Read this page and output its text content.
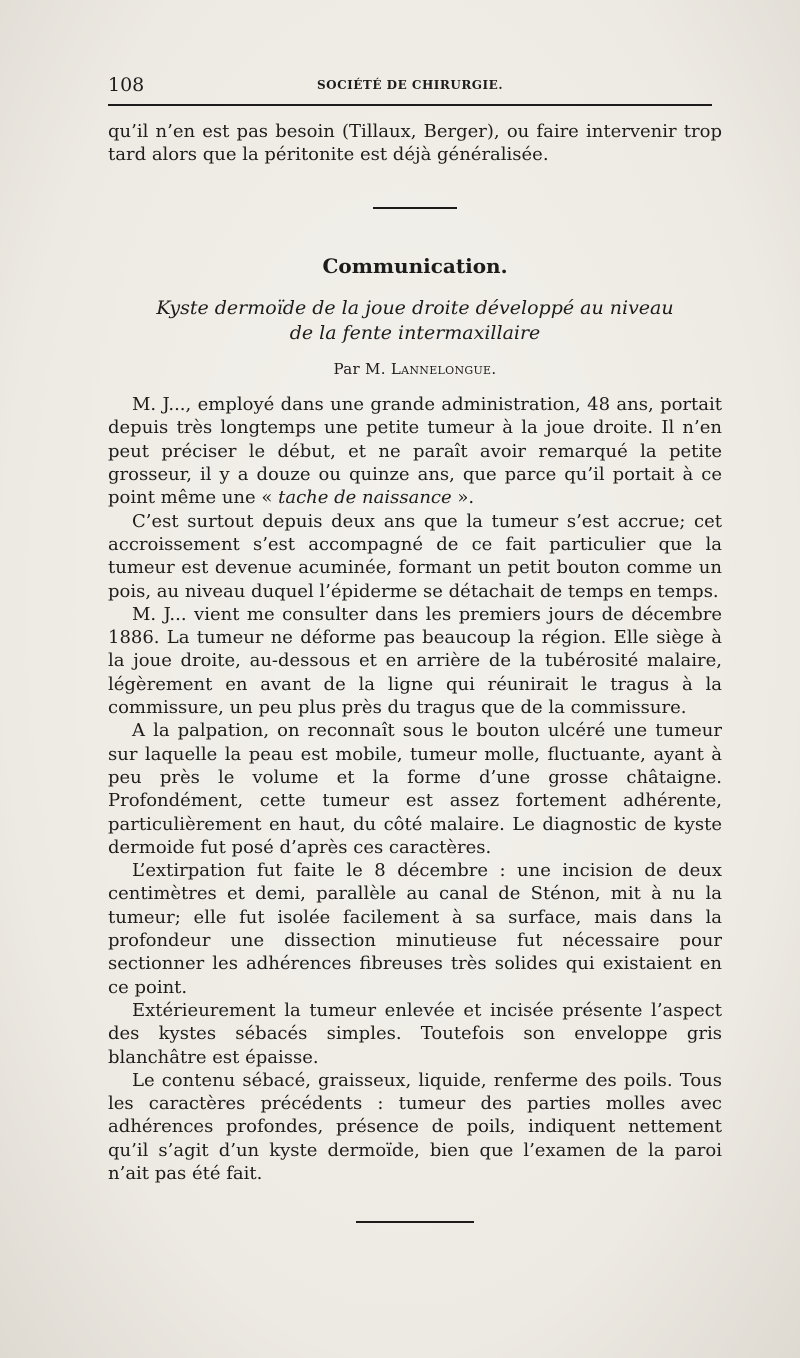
108	SOCIÉTÉ DE CHIRURGIE.

qu’il n’en est pas besoin (Tillaux, Berger), ou faire intervenir trop tard alors que la péritonite est déjà généralisée.

Communication.
Kyste dermoïde de la joue droite développé au niveau
de la fente intermaxillaire
Par M. Lannelongue.

M. J..., employé dans une grande administration, 48 ans, portait depuis très longtemps une petite tumeur à la joue droite. Il n’en peut préciser le début, et ne paraît avoir remarqué la petite grosseur, il y a douze ou quinze ans, que parce qu’il portait à ce point même une « tache de naissance ».

C’est surtout depuis deux ans que la tumeur s’est accrue; cet accroissement s’est accompagné de ce fait particulier que la tumeur est devenue acuminée, formant un petit bouton comme un pois, au niveau duquel l’épiderme se détachait de temps en temps.

M. J... vient me consulter dans les premiers jours de décembre 1886. La tumeur ne déforme pas beaucoup la région. Elle siège à la joue droite, au-dessous et en arrière de la tubérosité malaire, légèrement en avant de la ligne qui réunirait le tragus à la commissure, un peu plus près du tragus que de la commissure.

A la palpation, on reconnaît sous le bouton ulcéré une tumeur sur laquelle la peau est mobile, tumeur molle, fluctuante, ayant à peu près le volume et la forme d’une grosse châtaigne. Profondément, cette tumeur est assez fortement adhérente, particulièrement en haut, du côté malaire. Le diagnostic de kyste dermoide fut posé d’après ces caractères.

L’extirpation fut faite le 8 décembre : une incision de deux centimètres et demi, parallèle au canal de Sténon, mit à nu la tumeur; elle fut isolée facilement à sa surface, mais dans la profondeur une dissection minutieuse fut nécessaire pour sectionner les adhérences fibreuses très solides qui existaient en ce point.

Extérieurement la tumeur enlevée et incisée présente l’aspect des kystes sébacés simples. Toutefois son enveloppe gris blanchâtre est épaisse.

Le contenu sébacé, graisseux, liquide, renferme des poils. Tous les caractères précédents : tumeur des parties molles avec adhérences profondes, présence de poils, indiquent nettement qu’il s’agit d’un kyste dermoïde, bien que l’examen de la paroi n’ait pas été fait.
